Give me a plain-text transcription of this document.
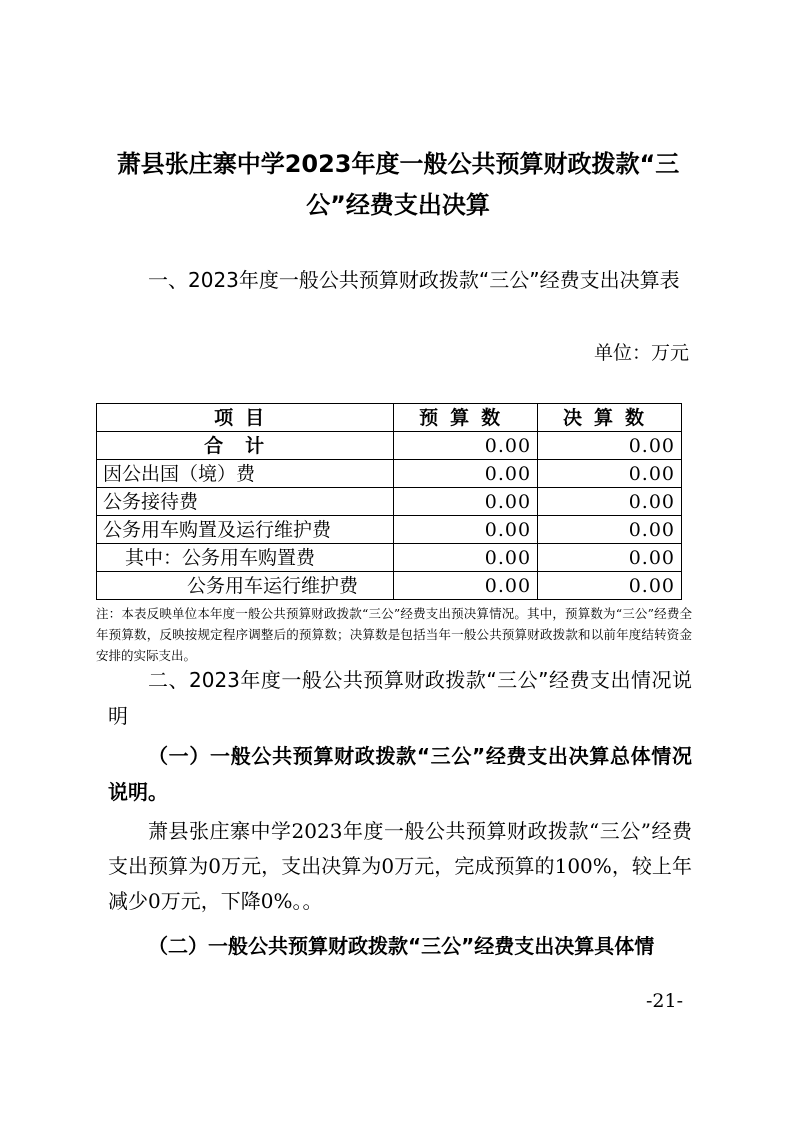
萧县张庄寨中学2023年度一般公共预算财政拨款“三公”经费支出决算
一、2023年度一般公共预算财政拨款“三公”经费支出决算表
单位：万元
项目	预算数	决算数
合计	0.00	0.00
因公出国（境）费	0.00	0.00
公务接待费	0.00	0.00
公务用车购置及运行维护费	0.00	0.00
其中：公务用车购置费	0.00	0.00
公务用车运行维护费	0.00	0.00
注：本表反映单位本年度一般公共预算财政拨款“三公”经费支出预决算情况。其中，预算数为“三公”经费全年预算数，反映按规定程序调整后的预算数；决算数是包括当年一般公共预算财政拨款和以前年度结转资金安排的实际支出。
二、2023年度一般公共预算财政拨款“三公”经费支出情况说明
（一）一般公共预算财政拨款“三公”经费支出决算总体情况说明。
萧县张庄寨中学2023年度一般公共预算财政拨款“三公”经费支出预算为0万元，支出决算为0万元，完成预算的100%，较上年减少0万元，下降0%。。
（二）一般公共预算财政拨款“三公”经费支出决算具体情
-21-
